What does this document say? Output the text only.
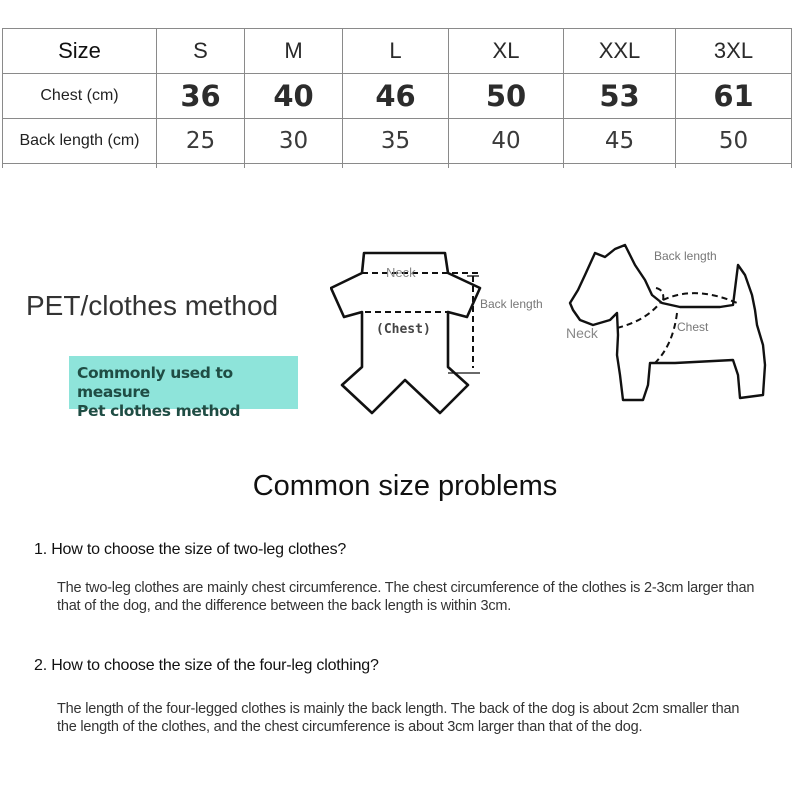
Size	S	M	L	XL	XXL	3XL
Chest (cm)	36	40	46	50	53	61
Back length (cm)	25	30	35	40	45	50

PET/clothes method
Commonly used to measure
Pet clothes method
Neck
Back length
(Chest)
Back length
Chest
Neck
Common size problems
1. How to choose the size of two-leg clothes?
The two-leg clothes are mainly chest circumference. The chest circumference of the clothes is 2-3cm larger than that of the dog, and the difference between the back length is within 3cm.
2. How to choose the size of the four-leg clothing?
The length of the four-legged clothes is mainly the back length. The back of the dog is about 2cm smaller than the length of the clothes, and the chest circumference is about 3cm larger than that of the dog.
